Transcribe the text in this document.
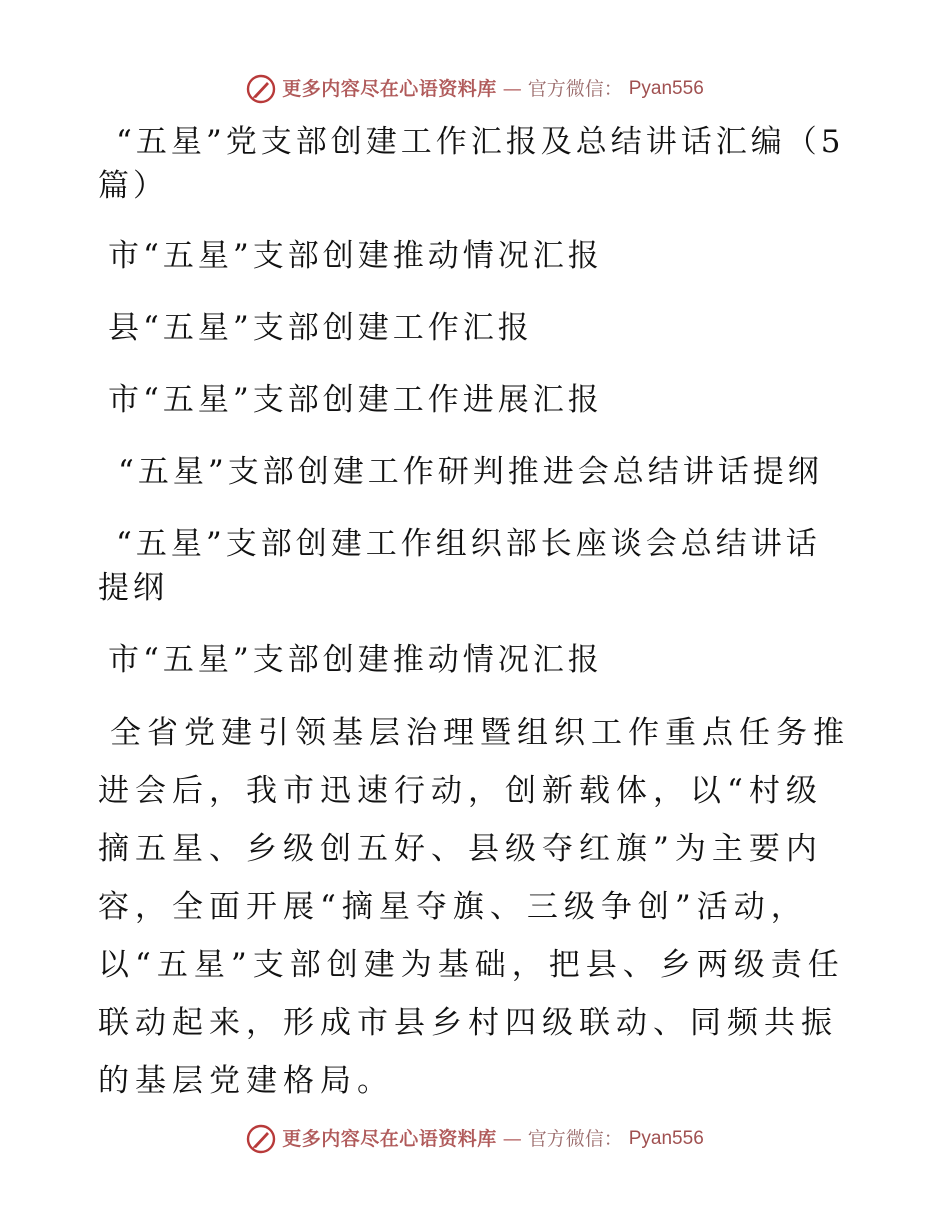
更多内容尽在心语资料库 — 官方微信： Pyan556

“五星”党支部创建工作汇报及总结讲话汇编（5篇）

市“五星”支部创建推动情况汇报

县“五星”支部创建工作汇报

市“五星”支部创建工作进展汇报

“五星”支部创建工作研判推进会总结讲话提纲

“五星”支部创建工作组织部长座谈会总结讲话提纲

市“五星”支部创建推动情况汇报

全省党建引领基层治理暨组织工作重点任务推进会后，我市迅速行动，创新载体，以“村级摘五星、乡级创五好、县级夺红旗”为主要内容，全面开展“摘星夺旗、三级争创”活动，以“五星”支部创建为基础，把县、乡两级责任联动起来，形成市县乡村四级联动、同频共振的基层党建格局。

更多内容尽在心语资料库 — 官方微信： Pyan556
